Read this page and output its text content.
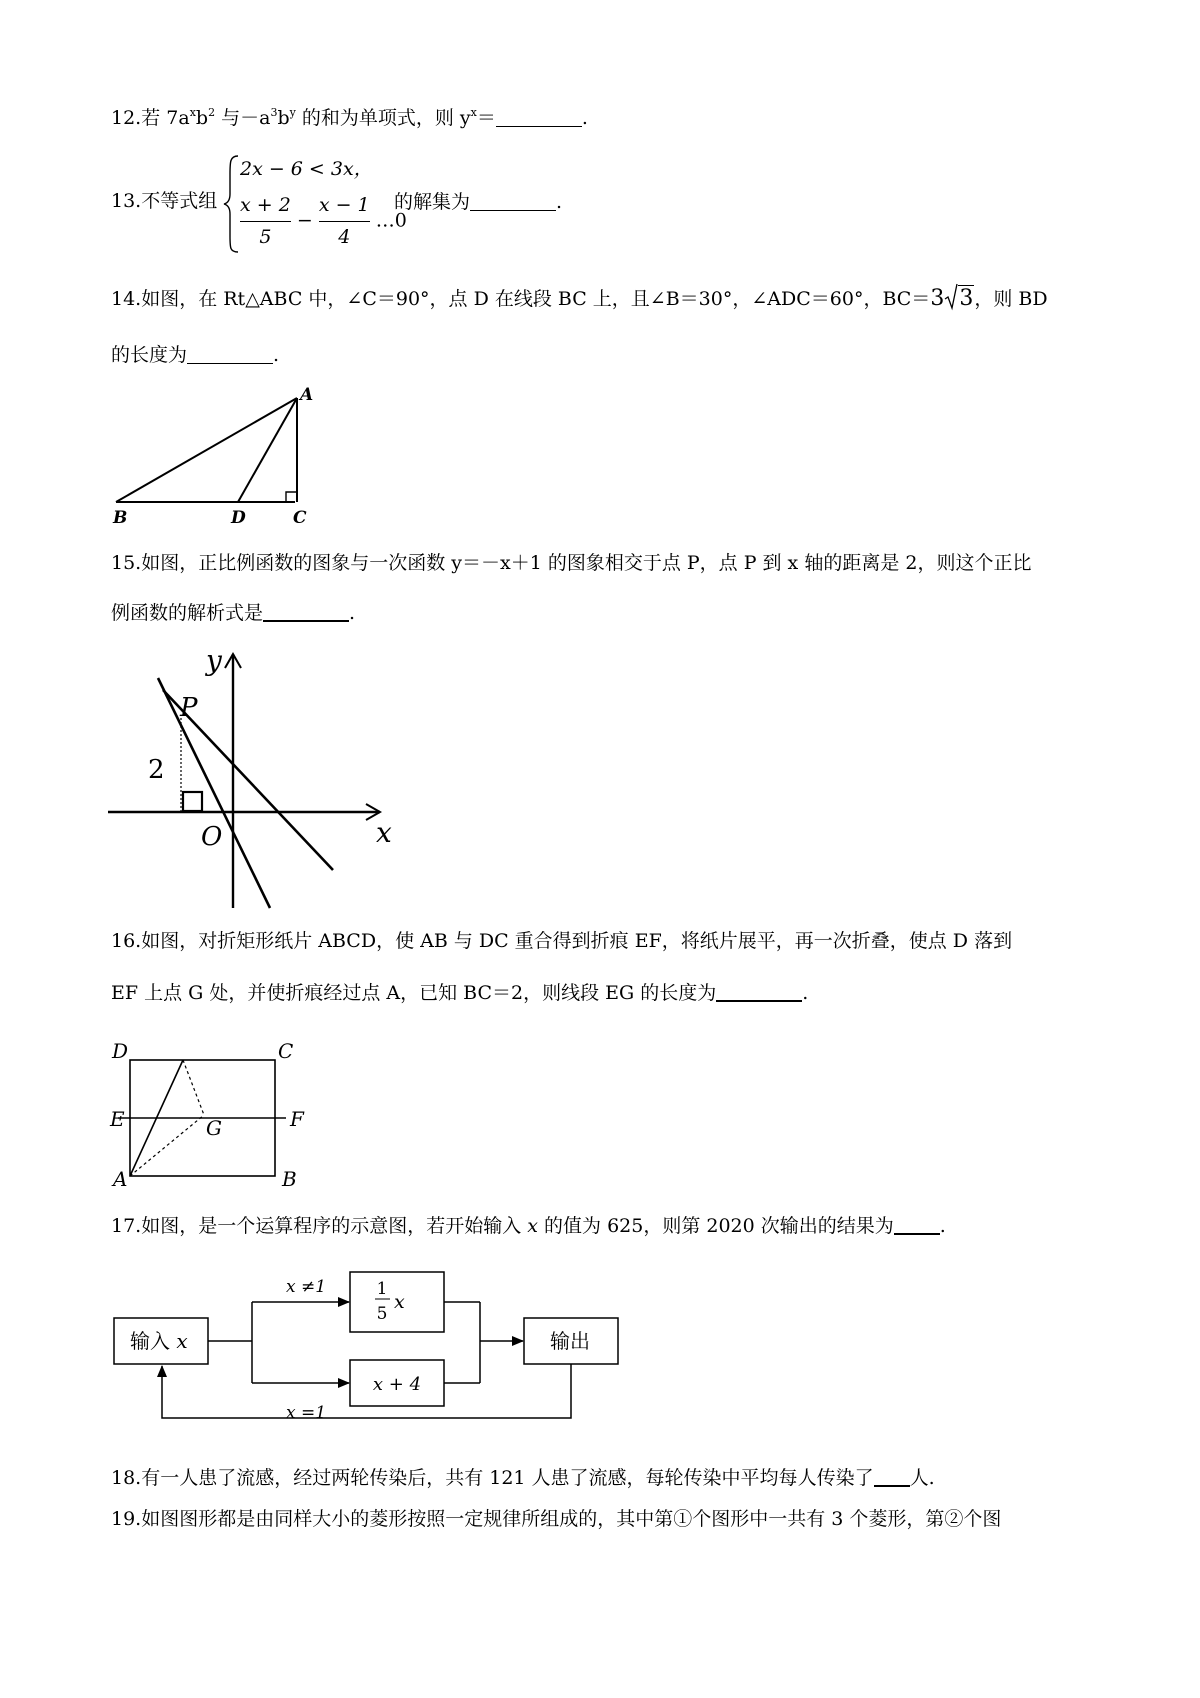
12.若 $7a^xb^2$ 与$-a^3b^y$ 的和为单项式，则 $y^x=$	.
13.不等式组
2x − 6 < 3x，
$\frac{x + 2}{5} - \frac{x - 1}{4}$ …0
的解集为	.
14.如图，在 Rt△ABC 中，∠C＝90°，点 D 在线段 BC 上，且∠B＝30°，∠ADC＝60°，BC＝3 3，则 BD
的长度为	.
A
B	D	C
15.如图，正比例函数的图象与一次函数 y＝－x＋1 的图象相交于点 P，点 P 到 x 轴的距离是 2，则这个正比
例函数的解析式是	.
y
x
P
O
2
16.如图，对折矩形纸片 ABCD，使 AB 与 DC 重合得到折痕 EF，将纸片展平，再一次折叠，使点 D 落到
EF 上点 G 处，并使折痕经过点 A，已知 BC＝2，则线段 EG 的长度为	.
D	C
E	F
G
A	B
17.如图，是一个运算程序的示意图，若开始输入 x 的值为 625，则第 2020 次输出的结果为 .
输入 x
x ≠1
x =1
1
5
x
x + 4
输出
18.有一人患了流感，经过两轮传染后，共有 121 人患了流感，每轮传染中平均每人传染了 人.
19.如图图形都是由同样大小的菱形按照一定规律所组成的，其中第①个图形中一共有 3 个菱形，第②个图
